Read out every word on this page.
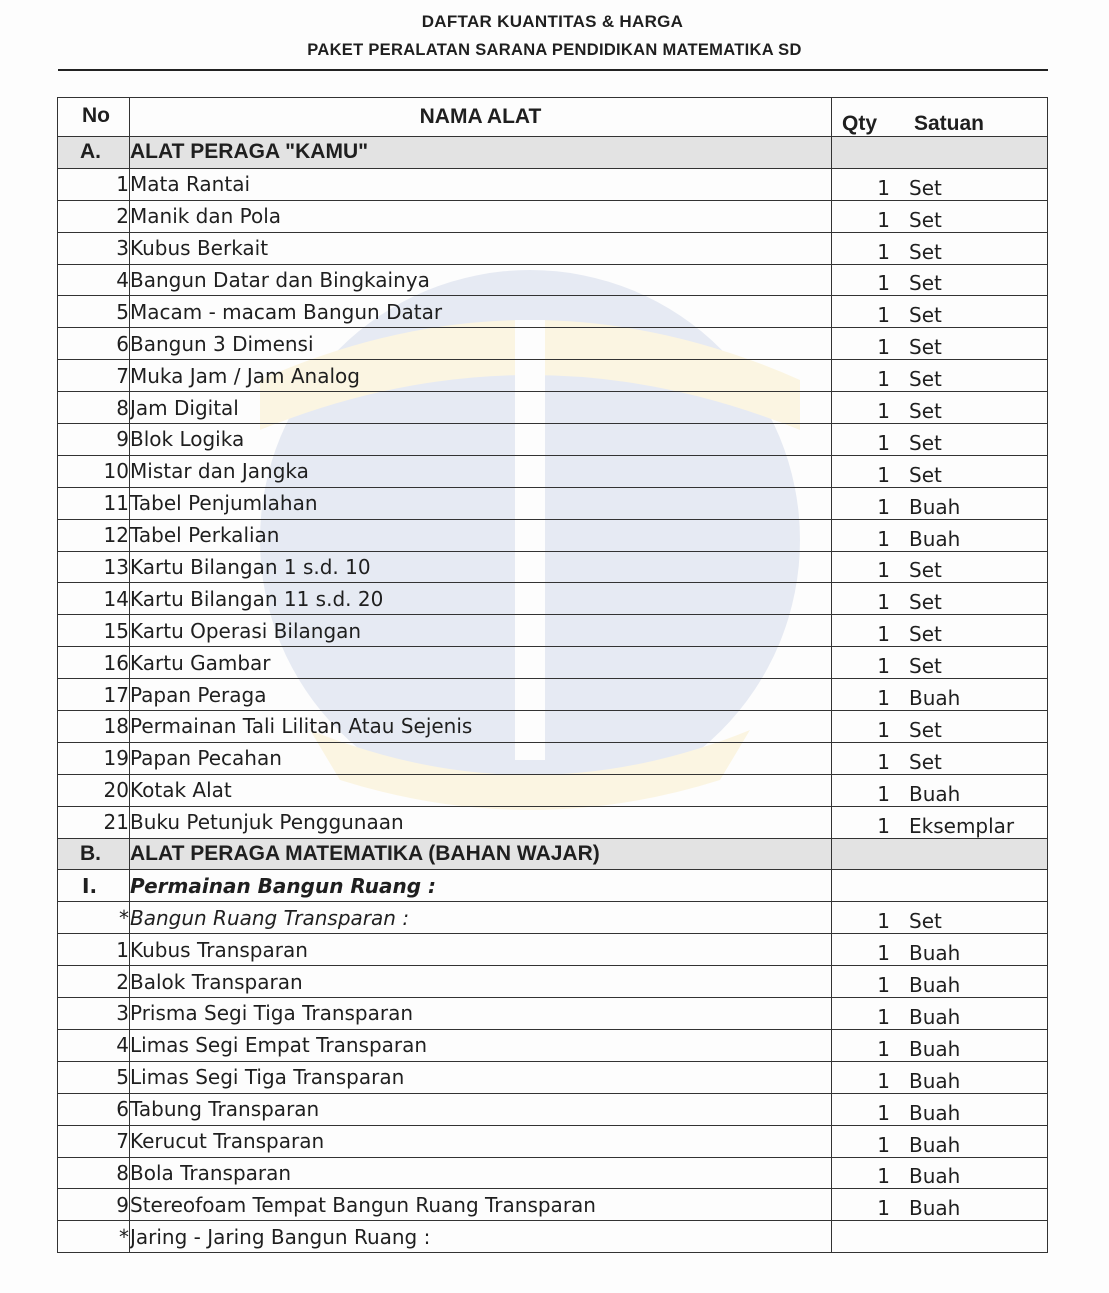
DAFTAR KUANTITAS & HARGA
PAKET PERALATAN SARANA PENDIDIKAN MATEMATIKA SD
No	NAMA ALAT	Qty Satuan
A.	ALAT PERAGA "KAMU"	
1	Mata Rantai	1 Set
2	Manik dan Pola	1 Set
3	Kubus Berkait	1 Set
4	Bangun Datar dan Bingkainya	1 Set
5	Macam - macam Bangun Datar	1 Set
6	Bangun 3 Dimensi	1 Set
7	Muka Jam / Jam Analog	1 Set
8	Jam Digital	1 Set
9	Blok Logika	1 Set
10	Mistar dan Jangka	1 Set
11	Tabel Penjumlahan	1 Buah
12	Tabel Perkalian	1 Buah
13	Kartu Bilangan 1 s.d. 10	1 Set
14	Kartu Bilangan 11 s.d. 20	1 Set
15	Kartu Operasi Bilangan	1 Set
16	Kartu Gambar	1 Set
17	Papan Peraga	1 Buah
18	Permainan Tali Lilitan Atau Sejenis	1 Set
19	Papan Pecahan	1 Set
20	Kotak Alat	1 Buah
21	Buku Petunjuk Penggunaan	1 Eksemplar
B.	ALAT PERAGA MATEMATIKA (BAHAN WAJAR)	
I.	Permainan Bangun Ruang :	
*	Bangun Ruang Transparan :	1 Set
1	Kubus Transparan	1 Buah
2	Balok Transparan	1 Buah
3	Prisma Segi Tiga Transparan	1 Buah
4	Limas Segi Empat Transparan	1 Buah
5	Limas Segi Tiga Transparan	1 Buah
6	Tabung Transparan	1 Buah
7	Kerucut Transparan	1 Buah
8	Bola Transparan	1 Buah
9	Stereofoam Tempat Bangun Ruang Transparan	1 Buah
*	Jaring - Jaring Bangun Ruang :	
